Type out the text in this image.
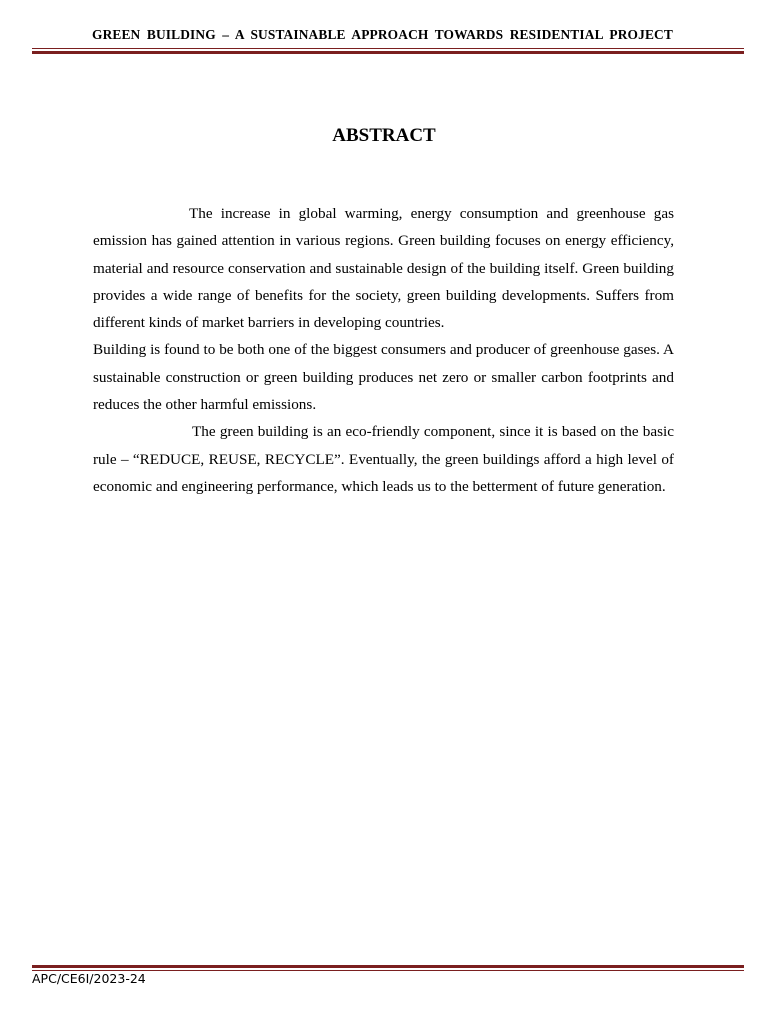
GREEN BUILDING – A SUSTAINABLE APPROACH TOWARDS RESIDENTIAL PROJECT
ABSTRACT

The increase in global warming, energy consumption and greenhouse gas emission has gained attention in various regions. Green building focuses on energy efficiency, material and resource conservation and sustainable design of the building itself. Green building provides a wide range of benefits for the society, green building developments. Suffers from different kinds of market barriers in developing countries.

Building is found to be both one of the biggest consumers and producer of greenhouse gases. A sustainable construction or green building produces net zero or smaller carbon footprints and reduces the other harmful emissions.

The green building is an eco-friendly component, since it is based on the basic rule – “REDUCE, REUSE, RECYCLE”. Eventually, the green buildings afford a high level of economic and engineering performance, which leads us to the betterment of future generation.

APC/CE6I/2023-24
